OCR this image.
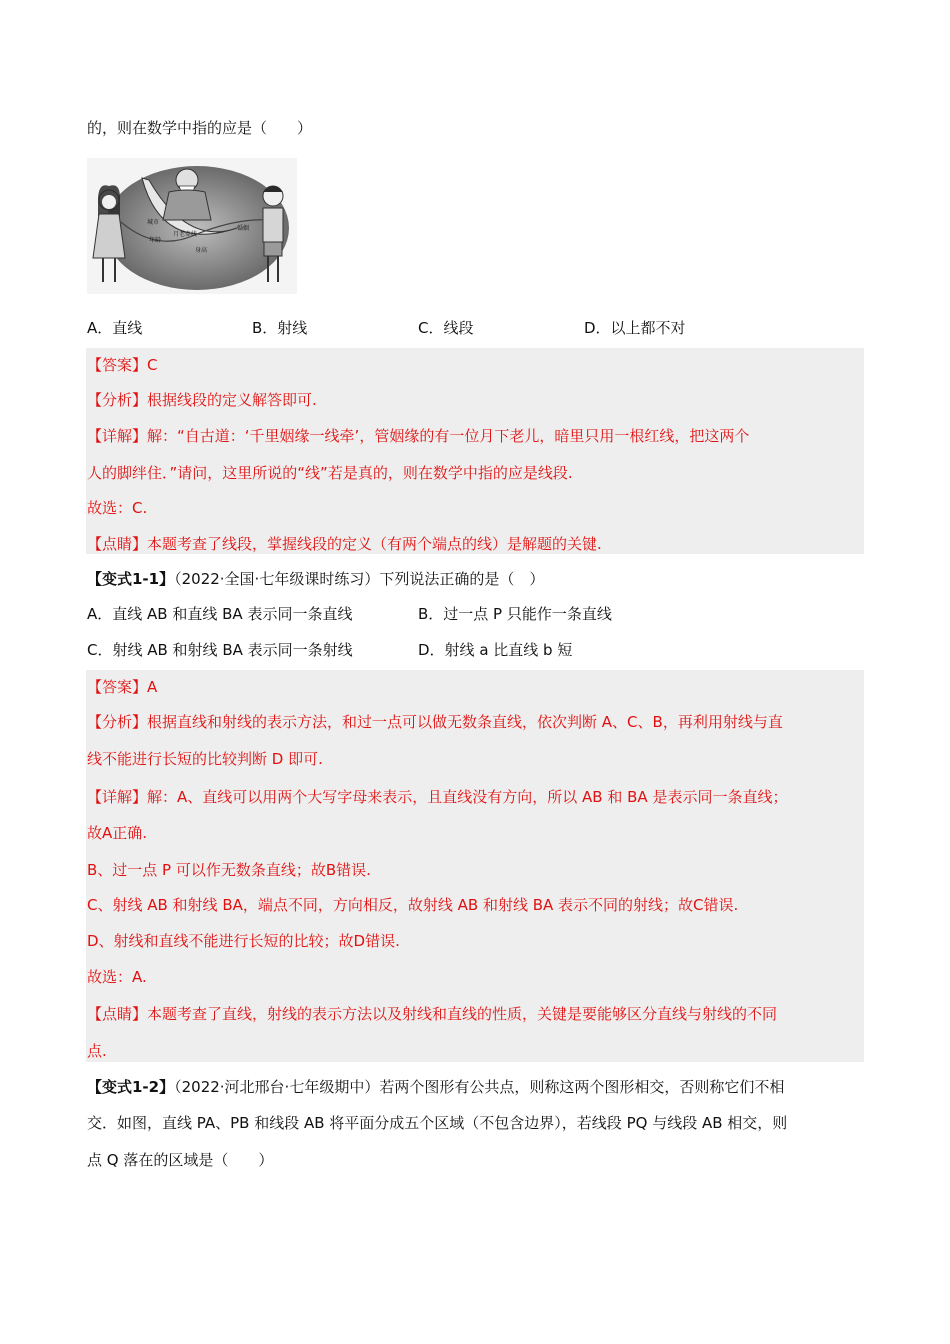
的，则在数学中指的应是（　　）
城市
年龄
月老牵线
身高
婚姻
A．直线	B．射线	C．线段	D．以上都不对
【答案】C
【分析】根据线段的定义解答即可.
【详解】解：“自古道：‘千里姻缘一线牵’，管姻缘的有一位月下老儿，暗里只用一根红线，把这两个
人的脚绊住．”请问，这里所说的“线”若是真的，则在数学中指的应是线段.
故选：C.
【点睛】本题考查了线段，掌握线段的定义（有两个端点的线）是解题的关键.
【变式1-1】（2022·全国·七年级课时练习）下列说法正确的是（　）
A．直线 AB 和直线 BA 表示同一条直线	B．过一点 P 只能作一条直线
C．射线 AB 和射线 BA 表示同一条射线	D．射线 a 比直线 b 短
【答案】A
【分析】根据直线和射线的表示方法，和过一点可以做无数条直线，依次判断 A、C、B，再利用射线与直
线不能进行长短的比较判断 D 即可.
【详解】解：A、直线可以用两个大写字母来表示，且直线没有方向，所以 AB 和 BA 是表示同一条直线；
故A正确.
B、过一点 P 可以作无数条直线；故B错误.
C、射线 AB 和射线 BA，端点不同，方向相反，故射线 AB 和射线 BA 表示不同的射线；故C错误.
D、射线和直线不能进行长短的比较；故D错误.
故选：A.
【点睛】本题考查了直线，射线的表示方法以及射线和直线的性质，关键是要能够区分直线与射线的不同
点.
【变式1-2】（2022·河北邢台·七年级期中）若两个图形有公共点，则称这两个图形相交，否则称它们不相
交．如图，直线 PA、PB 和线段 AB 将平面分成五个区域（不包含边界），若线段 PQ 与线段 AB 相交，则
点 Q 落在的区域是（　　）
